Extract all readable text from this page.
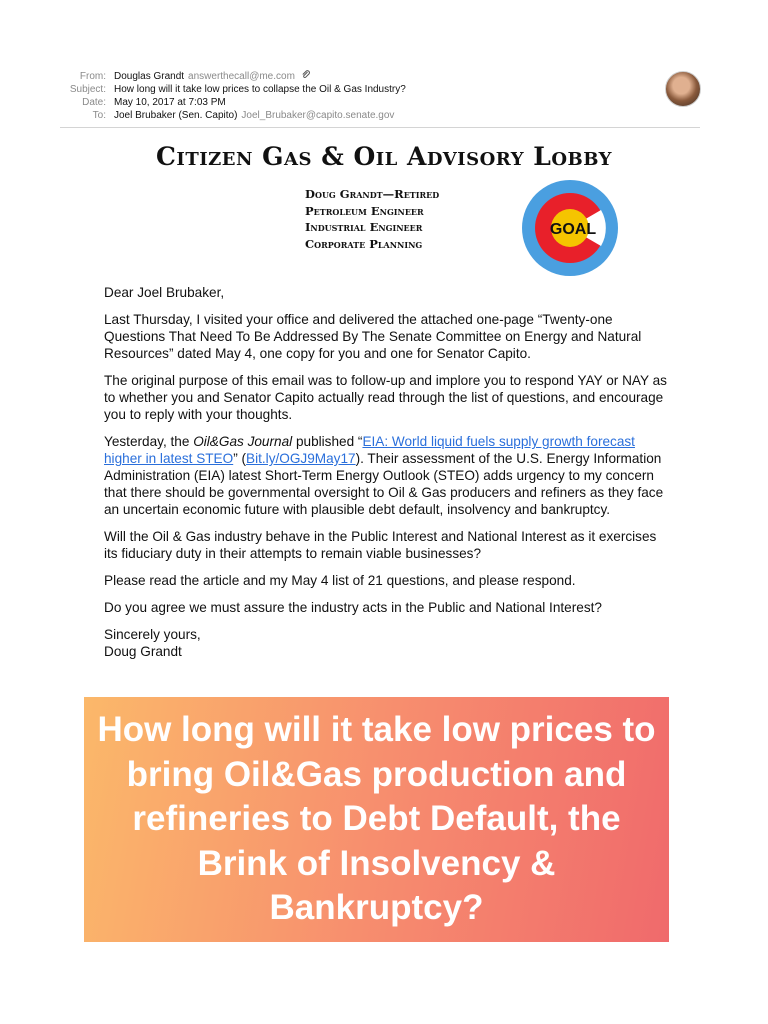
From: Douglas Grandt answerthecall@me.com
Subject: How long will it take low prices to collapse the Oil & Gas Industry?
Date: May 10, 2017 at 7:03 PM
To: Joel Brubaker (Sen. Capito) Joel_Brubaker@capito.senate.gov
Citizen Gas & Oil Advisory Lobby
Doug Grandt—Retired
Petroleum Engineer
Industrial Engineer
Corporate Planning
GOAL

Dear Joel Brubaker,

Last Thursday, I visited your office and delivered the attached one-page “Twenty-one Questions That Need To Be Addressed By The Senate Committee on Energy and Natural Resources” dated May 4, one copy for you and one for Senator Capito.

The original purpose of this email was to follow-up and implore you to respond YAY or NAY as to whether you and Senator Capito actually read through the list of questions, and encourage you to reply with your thoughts.

Yesterday, the Oil&Gas Journal published “EIA: World liquid fuels supply growth forecast higher in latest STEO” (Bit.ly/OGJ9May17). Their assessment of the U.S. Energy Information Administration (EIA) latest Short-Term Energy Outlook (STEO) adds urgency to my concern that there should be governmental oversight to Oil & Gas producers and refiners as they face an uncertain economic future with plausible debt default, insolvency and bankruptcy.

Will the Oil & Gas industry behave in the Public Interest and National Interest as it exercises its fiduciary duty in their attempts to remain viable businesses?

Please read the article and my May 4 list of 21 questions, and please respond.

Do you agree we must assure the industry acts in the Public and National Interest?

Sincerely yours,
Doug Grandt
How long will it take low prices to bring Oil&Gas production and refineries to Debt Default, the Brink of Insolvency & Bankruptcy?
